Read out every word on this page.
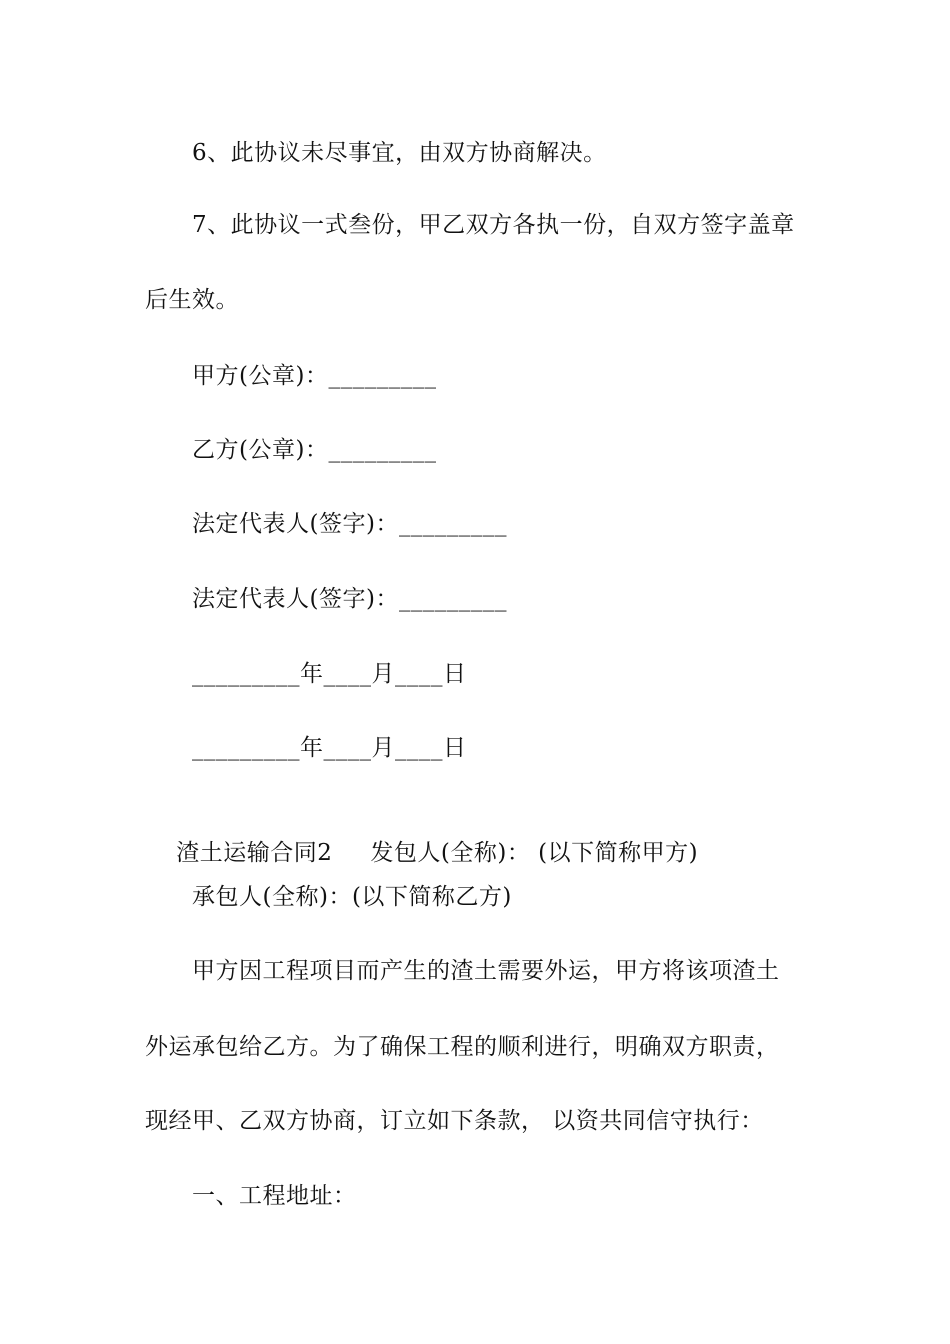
6、此协议未尽事宜，由双方协商解决。
7、此协议一式叁份，甲乙双方各执一份，自双方签字盖章
后生效。
甲方(公章)：_________
乙方(公章)：_________
法定代表人(签字)：_________
法定代表人(签字)：_________
_________年____月____日
_________年____月____日

渣土运输合同2 发包人(全称)： (以下简称甲方)

承包人(全称)：(以下简称乙方)
甲方因工程项目而产生的渣土需要外运，甲方将该项渣土
外运承包给乙方。为了确保工程的顺利进行，明确双方职责，
现经甲、乙双方协商，订立如下条款， 以资共同信守执行：
一、工程地址：
